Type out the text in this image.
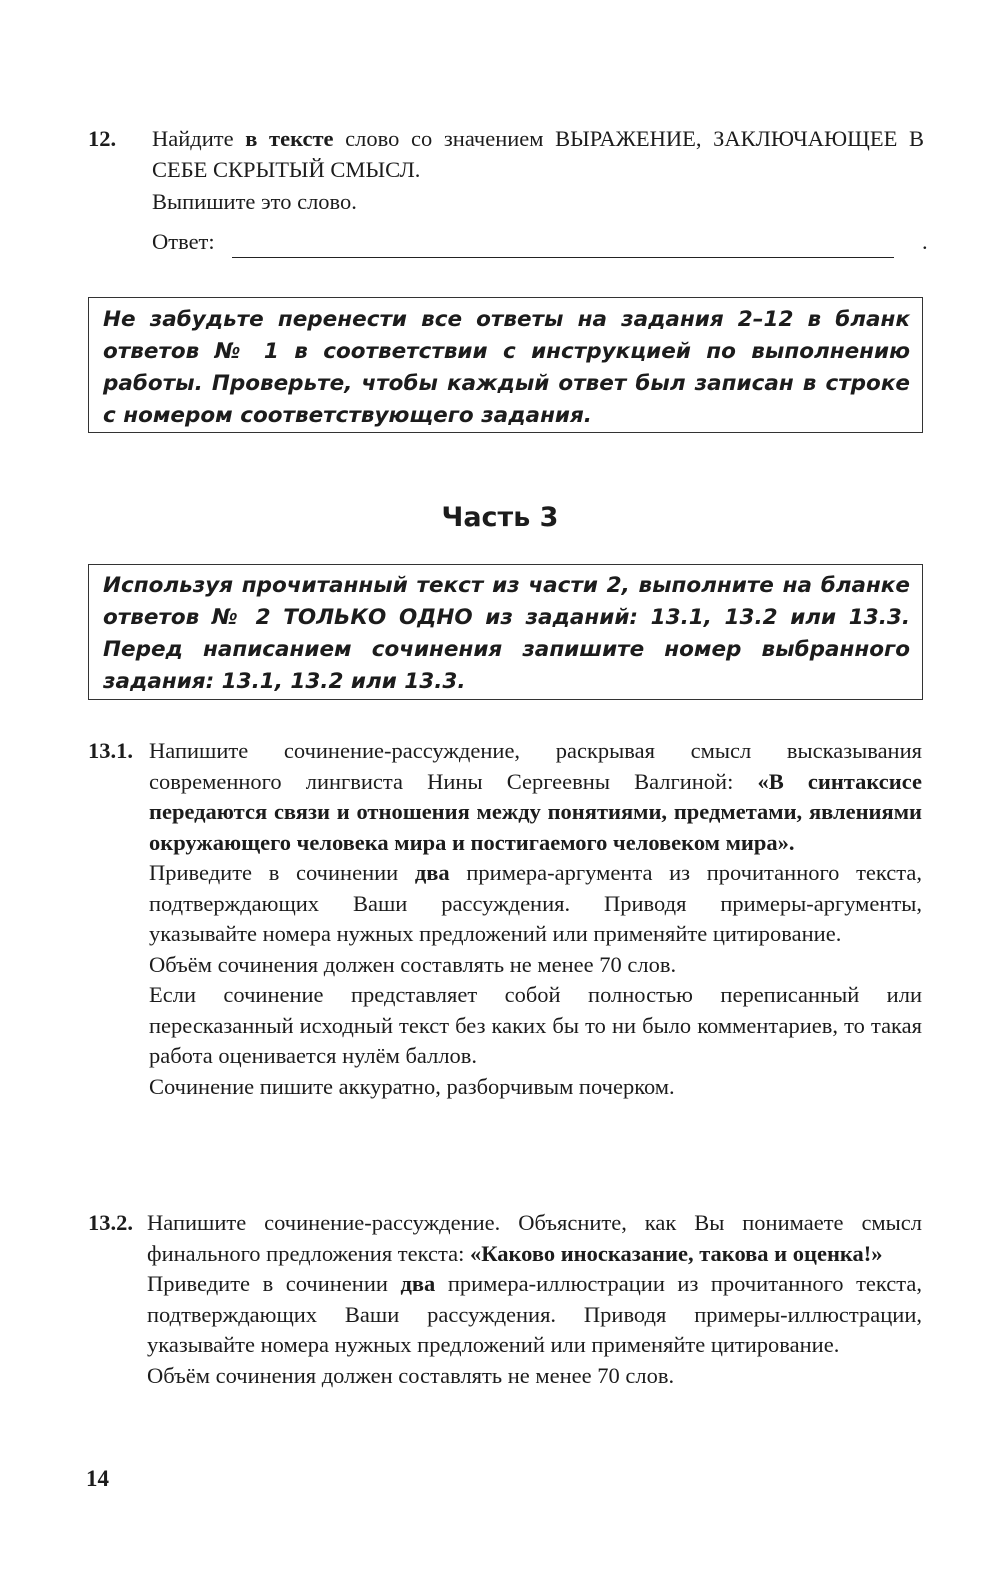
12. Найдите в тексте слово со значением ВЫРАЖЕНИЕ, ЗАКЛЮЧАЮЩЕЕ В СЕБЕ СКРЫТЫЙ СМЫСЛ.

Выпишите это слово.

Ответ:	.

Не забудьте перенести все ответы на задания 2–12 в бланк ответов № 1 в соответствии с инструкцией по выполнению работы. Проверьте, чтобы каждый ответ был записан в строке с номером соответствующего задания.

Часть 3

Используя прочитанный текст из части 2, выполните на бланке ответов № 2 ТОЛЬКО ОДНО из заданий: 13.1, 13.2 или 13.3. Перед написанием сочинения запишите номер выбранного задания: 13.1, 13.2 или 13.3.

13.1. Напишите сочинение-рассуждение, раскрывая смысл высказывания современного лингвиста Нины Сергеевны Валгиной: «В синтаксисе передаются связи и отношения между понятиями, предметами, явлениями окружающего человека мира и постигаемого человеком мира».

Приведите в сочинении два примера-аргумента из прочитанного текста, подтверждающих Ваши рассуждения. Приводя примеры-аргументы, указывайте номера нужных предложений или применяйте цитирование.

Объём сочинения должен составлять не менее 70 слов.

Если сочинение представляет собой полностью переписанный или пересказанный исходный текст без каких бы то ни было комментариев, то такая работа оценивается нулём баллов.

Сочинение пишите аккуратно, разборчивым почерком.

13.2. Напишите сочинение-рассуждение. Объясните, как Вы понимаете смысл финального предложения текста: «Каково иносказание, такова и оценка!»

Приведите в сочинении два примера-иллюстрации из прочитанного текста, подтверждающих Ваши рассуждения. Приводя примеры-иллюстрации, указывайте номера нужных предложений или применяйте цитирование.

Объём сочинения должен составлять не менее 70 слов.

14
